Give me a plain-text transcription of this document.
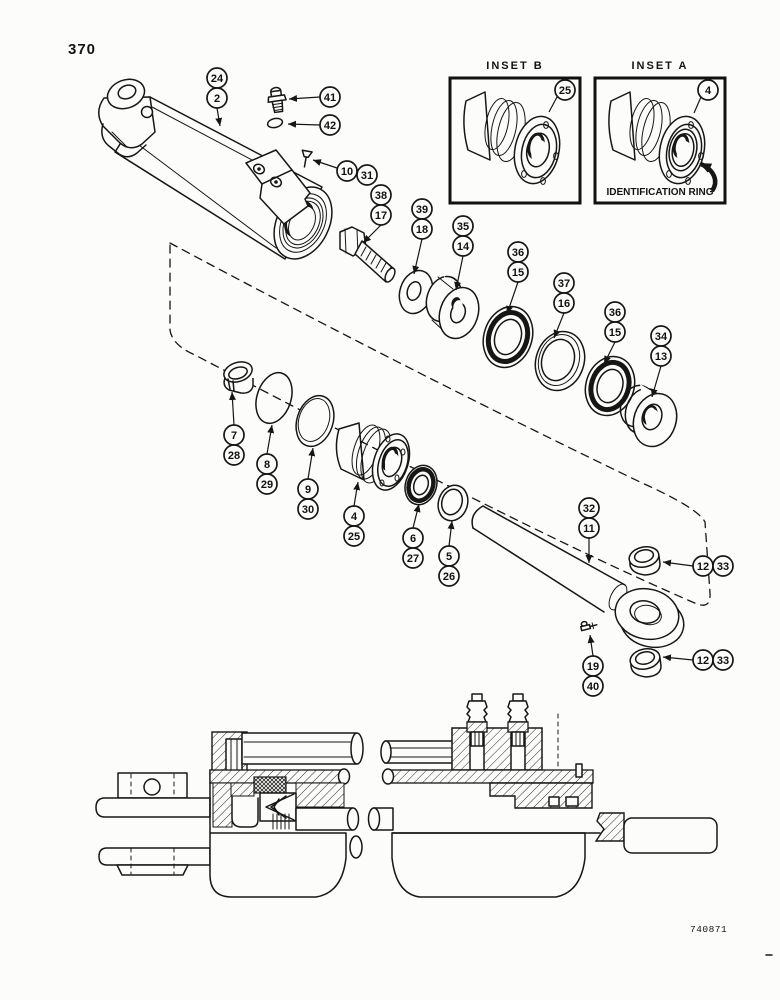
24
2	41
42
10 31
38
17	39
18	35
14	36
15
37
16
36
15	34
13
7
28
8
29	9
30
4
25	6
27 5
26
32
11
12 33
12 33
19
40
25	4
370
INSET B	INSET A
IDENTIFICATION RING
740871
